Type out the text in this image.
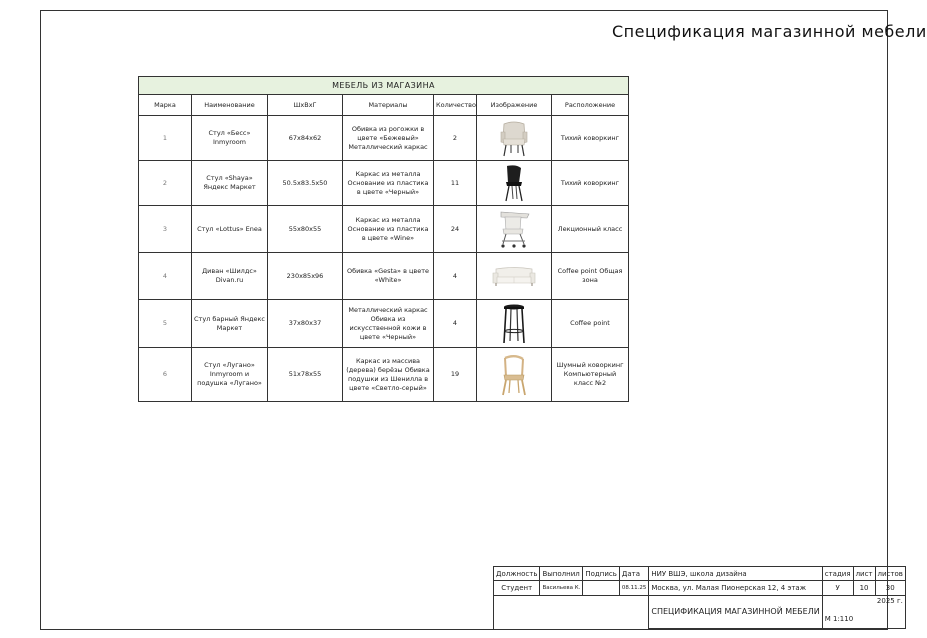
Спецификация магазинной мебели
МЕБЕЛЬ ИЗ МАГАЗИНА						
Марка	Наименование	ШхВхГ	Материалы	Количество	Изображение	Расположение
1	Стул «Бесс» Inmyroom	67х84х62	Обивка из рогожки в цвете «Бежевый» Металлический каркас	2		Тихий коворкинг
2	Стул «Shaya» Яндекс Маркет	50.5х83.5х50	Каркас из металла Основание из пластика в цвете «Черный»	11		Тихий коворкинг
3	Стул «Lottus» Enea	55х80х55	Каркас из металла Основание из пластика в цвете «Wine»	24		Лекционный класс
4	Диван «Шилдс» Divan.ru	230х85х96	Обивка «Gesta» в цвете «White»	4		Coffee point Общая зона
5	Стул барный Яндекс Маркет	37х80х37	Металлический каркас Обивка из искусственной кожи в цвете «Черный»	4		Coffee point
6	Стул «Лугано» Inmyroom и подушка «Лугано»	51х78х55	Каркас из массива (дерева) берёзы Обивка подушки из Шенилла в цвете «Светло-серый»	19		Шумный коворкинг Компьютерный класс №2
Должность	Выполнил	Подпись	Дата	НИУ ВШЭ, школа дизайна	стадия	лист	листов
Студент	Васильева К.		08.11.25	Москва, ул. Малая Пионерская 12, 4 этаж	У	10	30
				СПЕЦИФИКАЦИЯ МАГАЗИННОЙ МЕБЕЛИ	2025 г.
М 1:110		
